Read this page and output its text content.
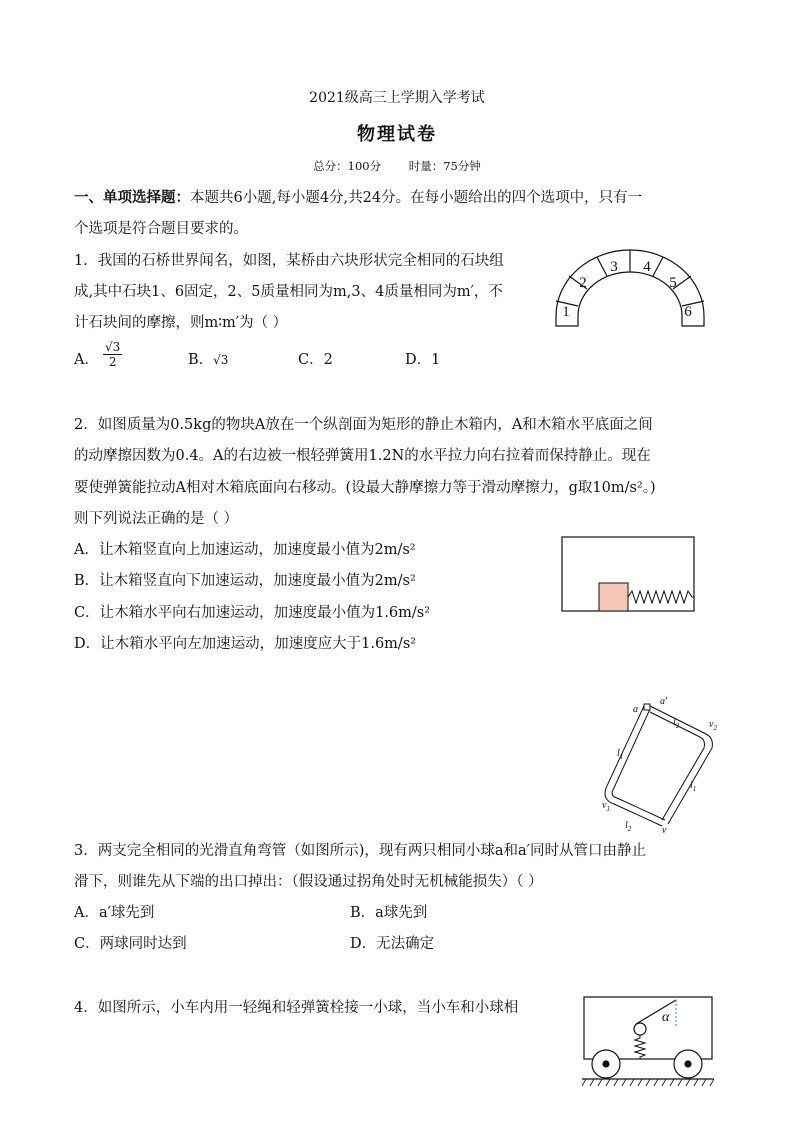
2021级高三上学期入学考试
物理试卷
总分：100分 时量：75分钟
一、单项选择题：本题共6小题,每小题4分,共24分。在每小题给出的四个选项中，只有一
个选项是符合题目要求的。
1．我国的石桥世界闻名，如图，某桥由六块形状完全相同的石块组
成,其中石块1、6固定，2、5质量相同为m,3、4质量相同为m′，不
计石块间的摩擦，则m∶m′为（ ）
A． $\frac{√3}{2}$	B．√3	C．2	D．1
1
2
3 4
5
6
2．如图质量为0.5kg的物块A放在一个纵剖面为矩形的静止木箱内，A和木箱水平底面之间
的动摩擦因数为0.4。A的右边被一根轻弹簧用1.2N的水平拉力向右拉着而保持静止。现在
要使弹簧能拉动A相对木箱底面向右移动。(设最大静摩擦力等于滑动摩擦力，g取10m/s²。)
则下列说法正确的是（ ）
A．让木箱竖直向上加速运动，加速度最小值为2m/s²
B．让木箱竖直向下加速运动，加速度最小值为2m/s²
C．让木箱水平向右加速运动，加速度最小值为1.6m/s²
D．让木箱水平向左加速运动，加速度应大于1.6m/s²
a
a′
$l_2$	$v_2$
$l_1$
$l_1$
$v_1$
$l_2$	v
3．两支完全相同的光滑直角弯管（如图所示)，现有两只相同小球a和a′同时从管口由静止
滑下，则谁先从下端的出口掉出：（假设通过拐角处时无机械能损失）（ ）
A．a′球先到	B．a球先到
C．两球同时达到	D．无法确定
4．如图所示，小车内用一轻绳和轻弹簧栓接一小球，当小车和小球相
α
